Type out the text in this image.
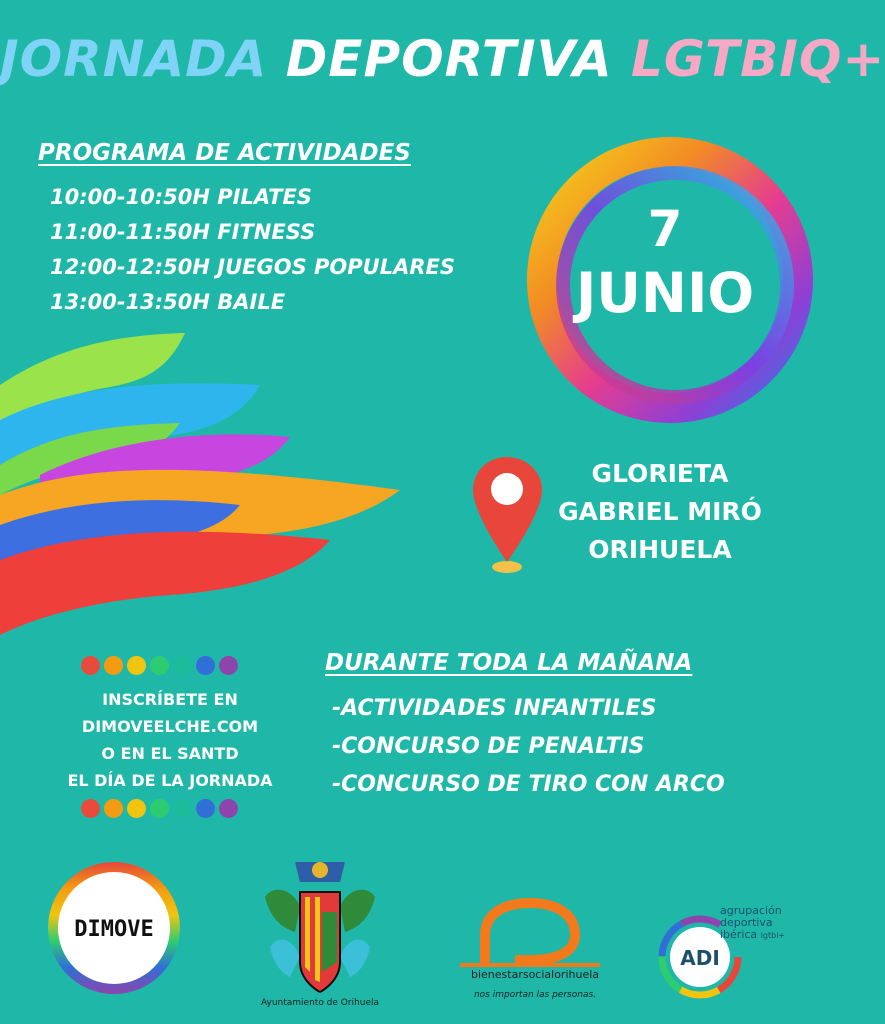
JORNADA DEPORTIVA LGTBIQ+
PROGRAMA DE ACTIVIDADES
10:00-10:50H PILATES
11:00-11:50H FITNESS
12:00-12:50H JUEGOS POPULARES
13:00-13:50H BAILE
7
JUNIO
GLORIETA
GABRIEL MIRÓ
ORIHUELA
INSCRÍBETE EN
DIMOVEELCHE.COM
O EN EL SANTD
EL DÍA DE LA JORNADA
DURANTE TODA LA MAÑANA
-ACTIVIDADES INFANTILES
-CONCURSO DE PENALTIS
-CONCURSO DE TIRO CON ARCO
DIMOVE
Ayuntamiento de Orihuela
bienestarsocialorihuela
nos importan las personas.
ADI
agrupación
deportiva
ibérica lgtbi+
